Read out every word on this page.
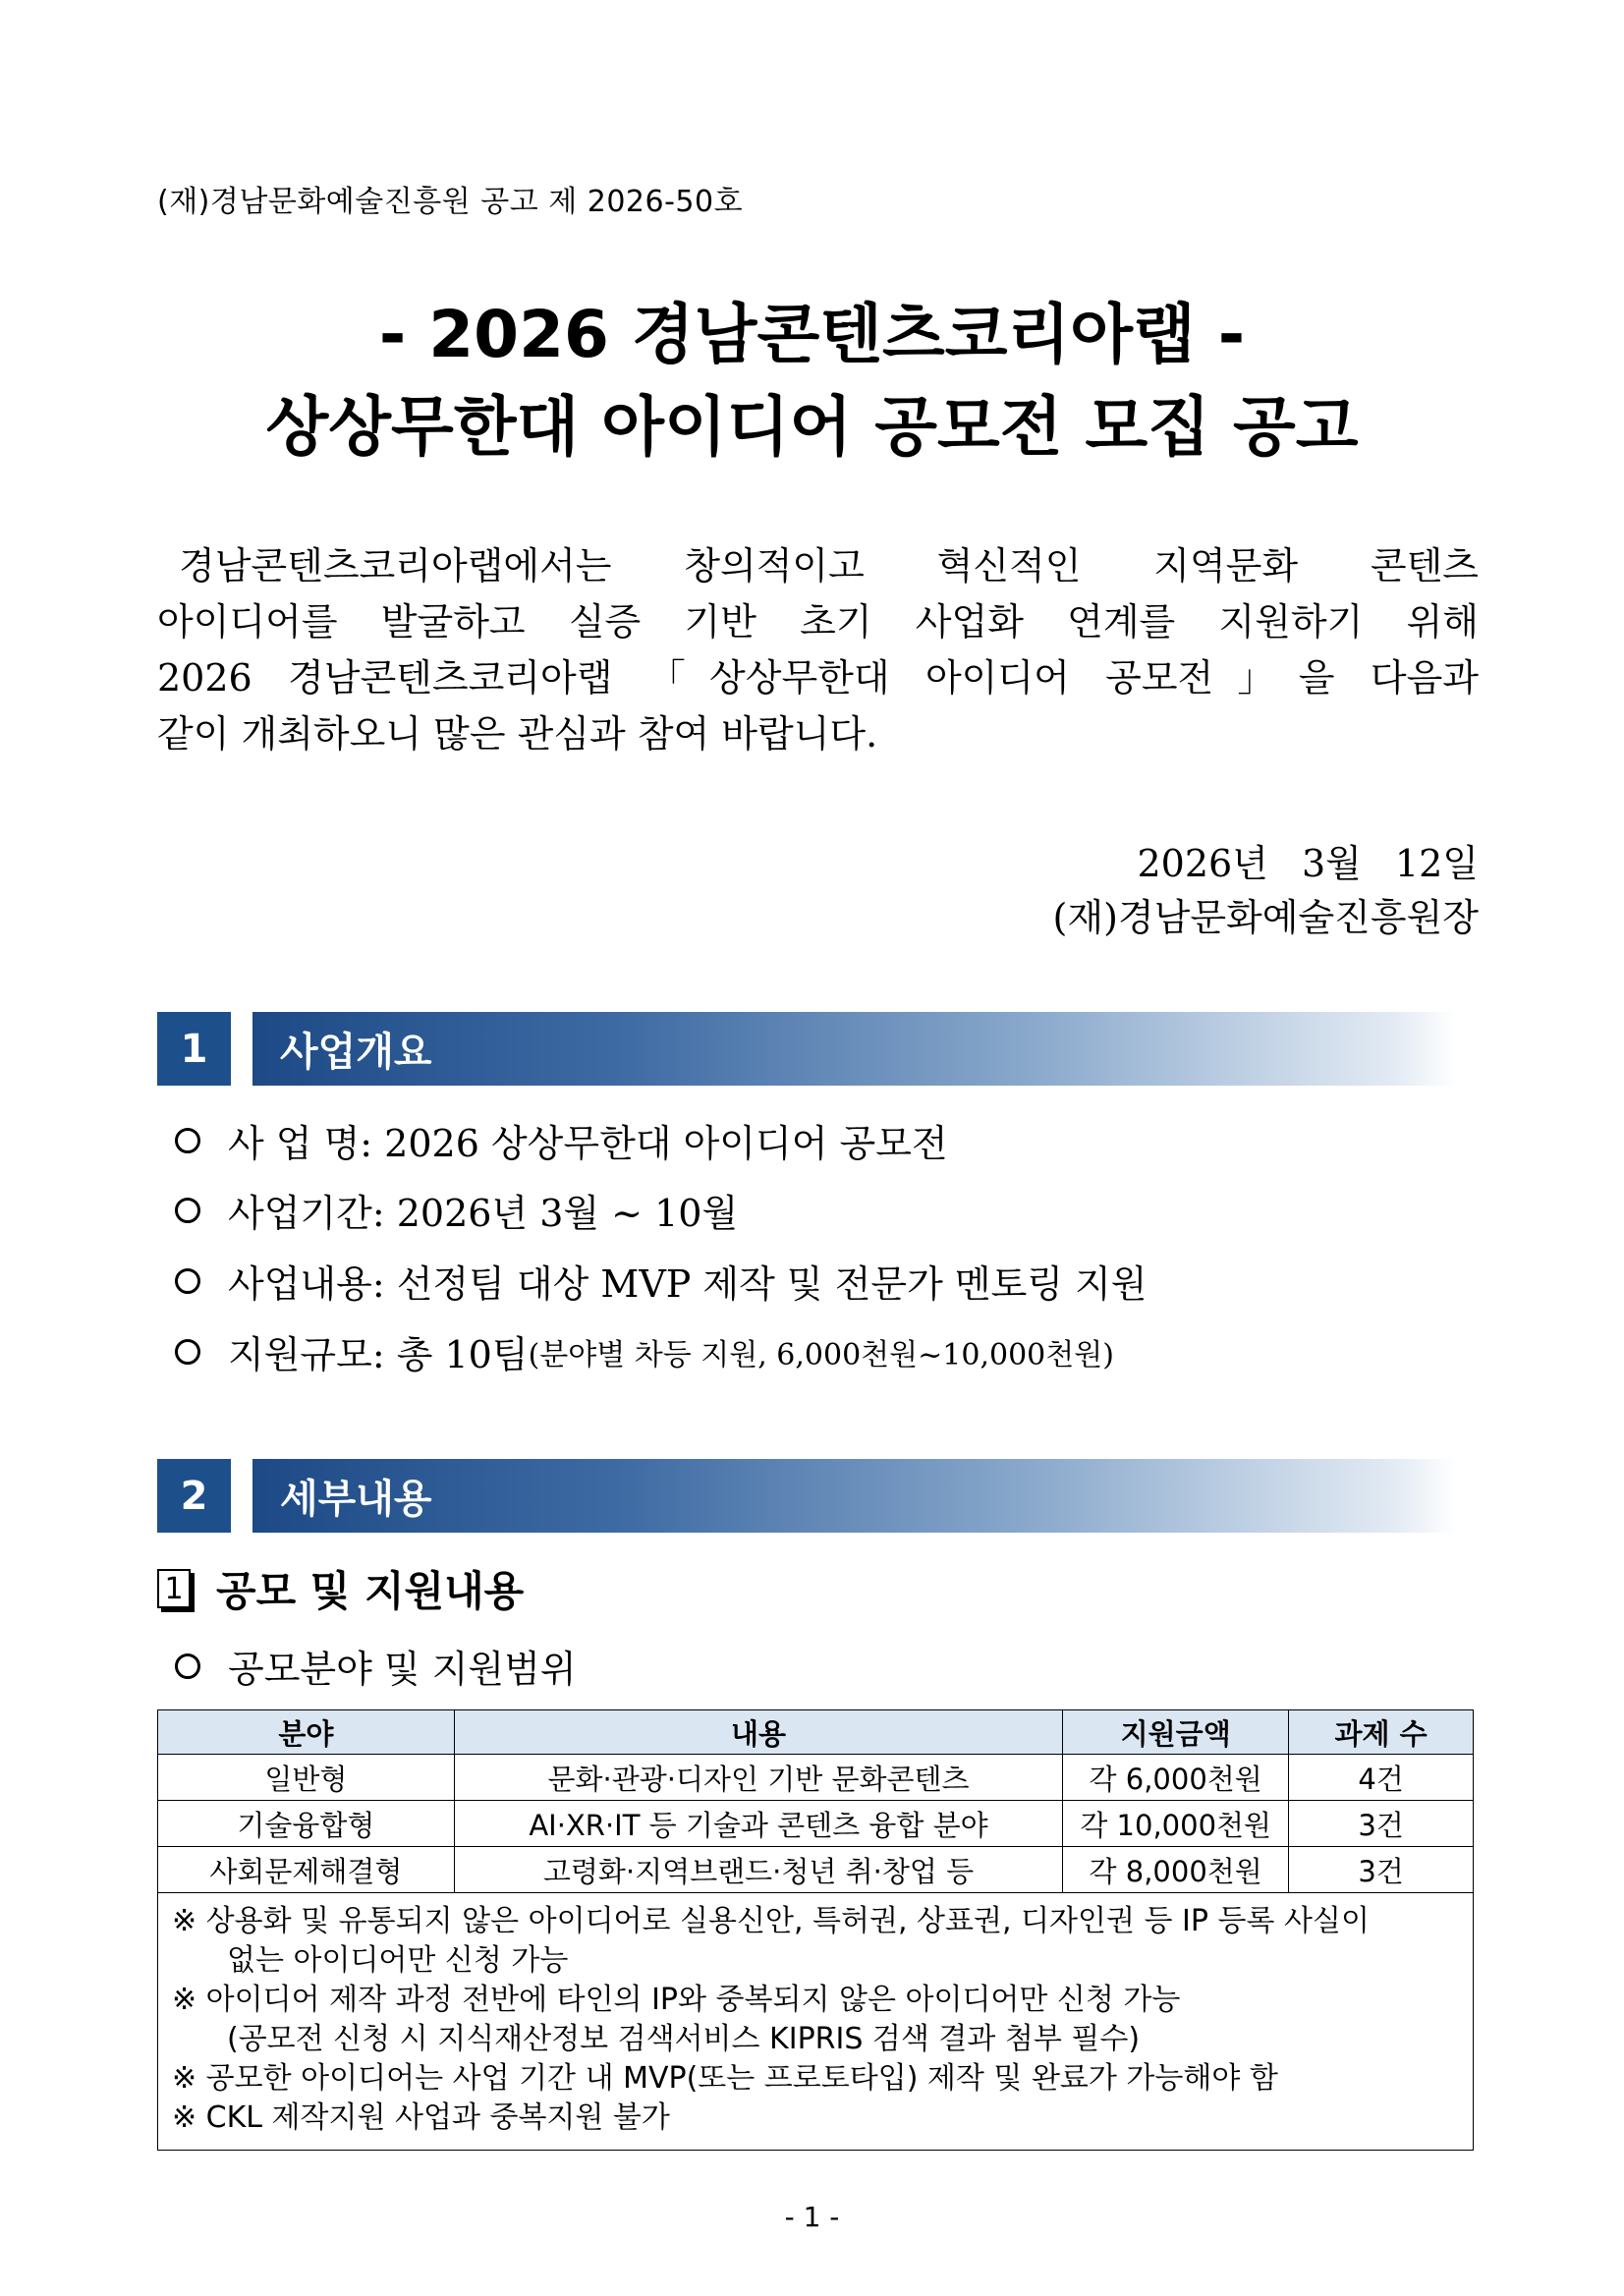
(재)경남문화예술진흥원 공고 제 2026-50호
- 2026 경남콘텐츠코리아랩 -
상상무한대 아이디어 공모전 모집 공고
경남콘텐츠코리아랩에서는 창의적이고 혁신적인 지역문화 콘텐츠
아이디어를 발굴하고 실증 기반 초기 사업화 연계를 지원하기 위해
2026 경남콘텐츠코리아랩 「상상무한대 아이디어 공모전」을 다음과
같이 개최하오니 많은 관심과 참여 바랍니다.
2026년 3월 12일
(재)경남문화예술진흥원장
1	사업개요
사 업 명: 2026 상상무한대 아이디어 공모전
사업기간: 2026년 3월 ~ 10월
사업내용: 선정팀 대상 MVP 제작 및 전문가 멘토링 지원
지원규모: 총 10팀 (분야별 차등 지원, 6,000천원~10,000천원)
2	세부내용
1 공모 및 지원내용
공모분야 및 지원범위
분야	내용	지원금액	과제 수
일반형	문화·관광·디자인 기반 문화콘텐츠	각 6,000천원	4건
기술융합형	AI·XR·IT 등 기술과 콘텐츠 융합 분야	각 10,000천원	3건
사회문제해결형	고령화·지역브랜드·청년 취·창업 등	각 8,000천원	3건
※ 상용화 및 유통되지 않은 아이디어로 실용신안, 특허권, 상표권, 디자인권 등 IP 등록 사실이
없는 아이디어만 신청 가능
※ 아이디어 제작 과정 전반에 타인의 IP와 중복되지 않은 아이디어만 신청 가능
(공모전 신청 시 지식재산정보 검색서비스 KIPRIS 검색 결과 첨부 필수)
※ 공모한 아이디어는 사업 기간 내 MVP(또는 프로토타입) 제작 및 완료가 가능해야 함
※ CKL 제작지원 사업과 중복지원 불가
- 1 -
